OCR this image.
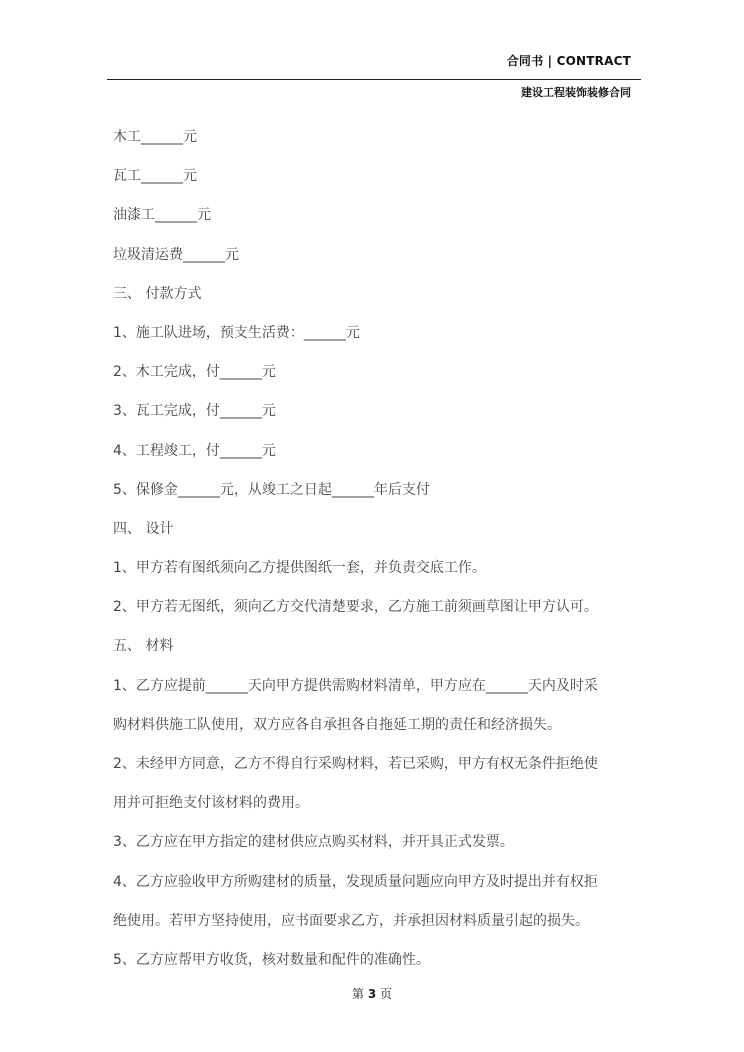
合同书 | CONTRACT
建设工程装饰装修合同
木工______元
瓦工______元
油漆工______元
垃圾清运费______元
三、 付款方式
1、施工队进场，预支生活费：______元
2、木工完成，付______元
3、瓦工完成，付______元
4、工程竣工，付______元
5、保修金______元，从竣工之日起______年后支付
四、 设计
1、甲方若有图纸须向乙方提供图纸一套，并负责交底工作。
2、甲方若无图纸，须向乙方交代清楚要求，乙方施工前须画草图让甲方认可。
五、 材料
1、乙方应提前______天向甲方提供需购材料清单，甲方应在______天内及时采
购材料供施工队使用，双方应各自承担各自拖延工期的责任和经济损失。
2、未经甲方同意，乙方不得自行采购材料，若已采购，甲方有权无条件拒绝使
用并可拒绝支付该材料的费用。
3、乙方应在甲方指定的建材供应点购买材料，并开具正式发票。
4、乙方应验收甲方所购建材的质量，发现质量问题应向甲方及时提出并有权拒
绝使用。若甲方坚持使用，应书面要求乙方，并承担因材料质量引起的损失。
5、乙方应帮甲方收货，核对数量和配件的准确性。
第 3 页
